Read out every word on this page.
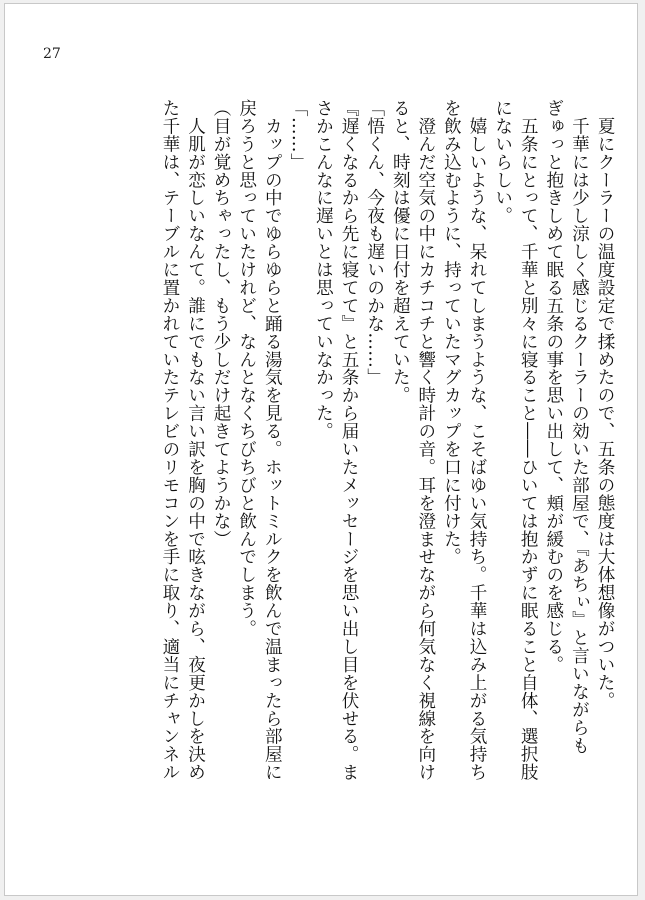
27
　夏にクーラーの温度設定で揉めたので、五条の態度は大体想像がついた。
　千華には少し涼しく感じるクーラーの効いた部屋で、『あちぃ』と言いながらも
ぎゅっと抱きしめて眠る五条の事を思い出して、頬が緩むのを感じる。
　五条にとって、千華と別々に寝ること――ひいては抱かずに眠ること自体、選択肢
にないらしい。
　嬉しいような、呆れてしまうような、こそばゆい気持ち。千華は込み上がる気持ち
を飲み込むように、持っていたマグカップを口に付けた。
　澄んだ空気の中にカチコチと響く時計の音。耳を澄ませながら何気なく視線を向け
ると、時刻は優に日付を超えていた。
「悟くん、今夜も遅いのかな……」
『遅くなるから先に寝てて』と五条から届いたメッセージを思い出し目を伏せる。ま
さかこんなに遅いとは思っていなかった。
「……」
　カップの中でゆらゆらと踊る湯気を見る。ホットミルクを飲んで温まったら部屋に
戻ろうと思っていたけれど、なんとなくちびちびと飲んでしまう。
（目が覚めちゃったし、もう少しだけ起きてようかな）
　人肌が恋しいなんて。誰にでもない言い訳を胸の中で呟きながら、夜更かしを決め
た千華は、テーブルに置かれていたテレビのリモコンを手に取り、適当にチャンネル
